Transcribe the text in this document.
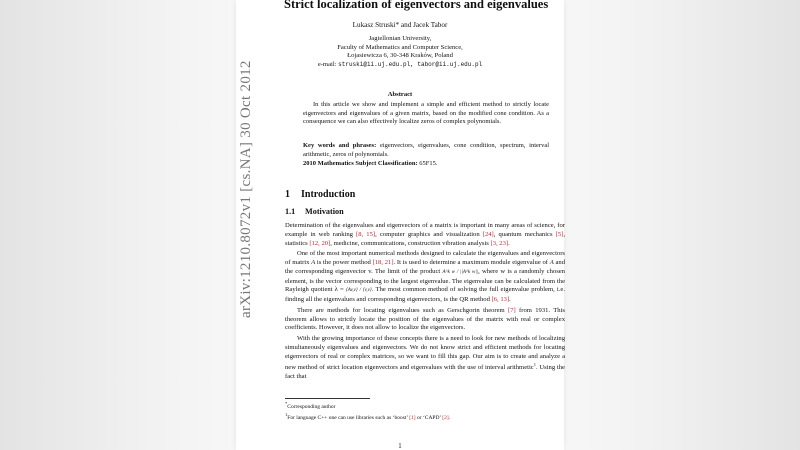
arXiv:1210.8072v1 [cs.NA] 30 Oct 2012
Strict localization of eigenvectors and eigenvalues
Lukasz Struski* and Jacek Tabor
Jagiellonian University,
Faculty of Mathematics and Computer Science,
Łojasiewicza 6, 30-348 Kraków, Poland
e-mail: struski@ii.uj.edu.pl, tabor@ii.uj.edu.pl
Abstract
In this article we show and implement a simple and efficient method to strictly locate eigenvectors and eigenvalues of a given matrix, based on the modified cone condition. As a consequence we can also effectively localize zeros of complex polynomials.
Key words and phrases: eigenvectors, eigenvalues, cone condition, spectrum, interval arithmetic, zeros of polynomials.
2010 Mathematics Subject Classification: 65F15.
1 Introduction
1.1 Motivation

Determination of the eigenvalues and eigenvectors of a matrix is important in many areas of science, for example in web ranking [8, 15], computer graphics and visualization [24], quantum mechanics [5], statistics [12, 20], medicine, communications, construction vibration analysis [3, 23].

One of the most important numerical methods designed to calculate the eigenvalues and eigenvectors of matrix A is the power method [18, 21]. It is used to determine a maximum module eigenvalue of A and the corresponding eigenvector v. The limit of the product A^k w / ||A^k w||, where w is a randomly chosen element, is the vector corresponding to the largest eigenvalue. The eigenvalue can be calculated from the Rayleigh quotient λ = ⟨Av,v⟩ / ⟨v,v⟩. The most common method of solving the full eigenvalue problem, i.e. finding all the eigenvalues and corresponding eigenvectors, is the QR method [6, 13].

There are methods for locating eigenvalues such as Gerschgorin theorem [7] from 1931. This theorem allows to strictly locate the position of the eigenvalues of the matrix with real or complex coefficients. However, it does not allow to localize the eigenvectors.

With the growing importance of these concepts there is a need to look for new methods of localizing simultaneously eigenvalues and eigenvectors. We do not know strict and efficient methods for locating eigenvectors of real or complex matrices, so we want to fill this gap. Our aim is to create and analyze a new method of strict location eigenvectors and eigenvalues with the use of interval arithmetic$^1$. Using the fact that

*Corresponding author
$^1$For language C++ one can use libraries such as ‘boost’ [1] or ‘CAPD’ [2].
1
